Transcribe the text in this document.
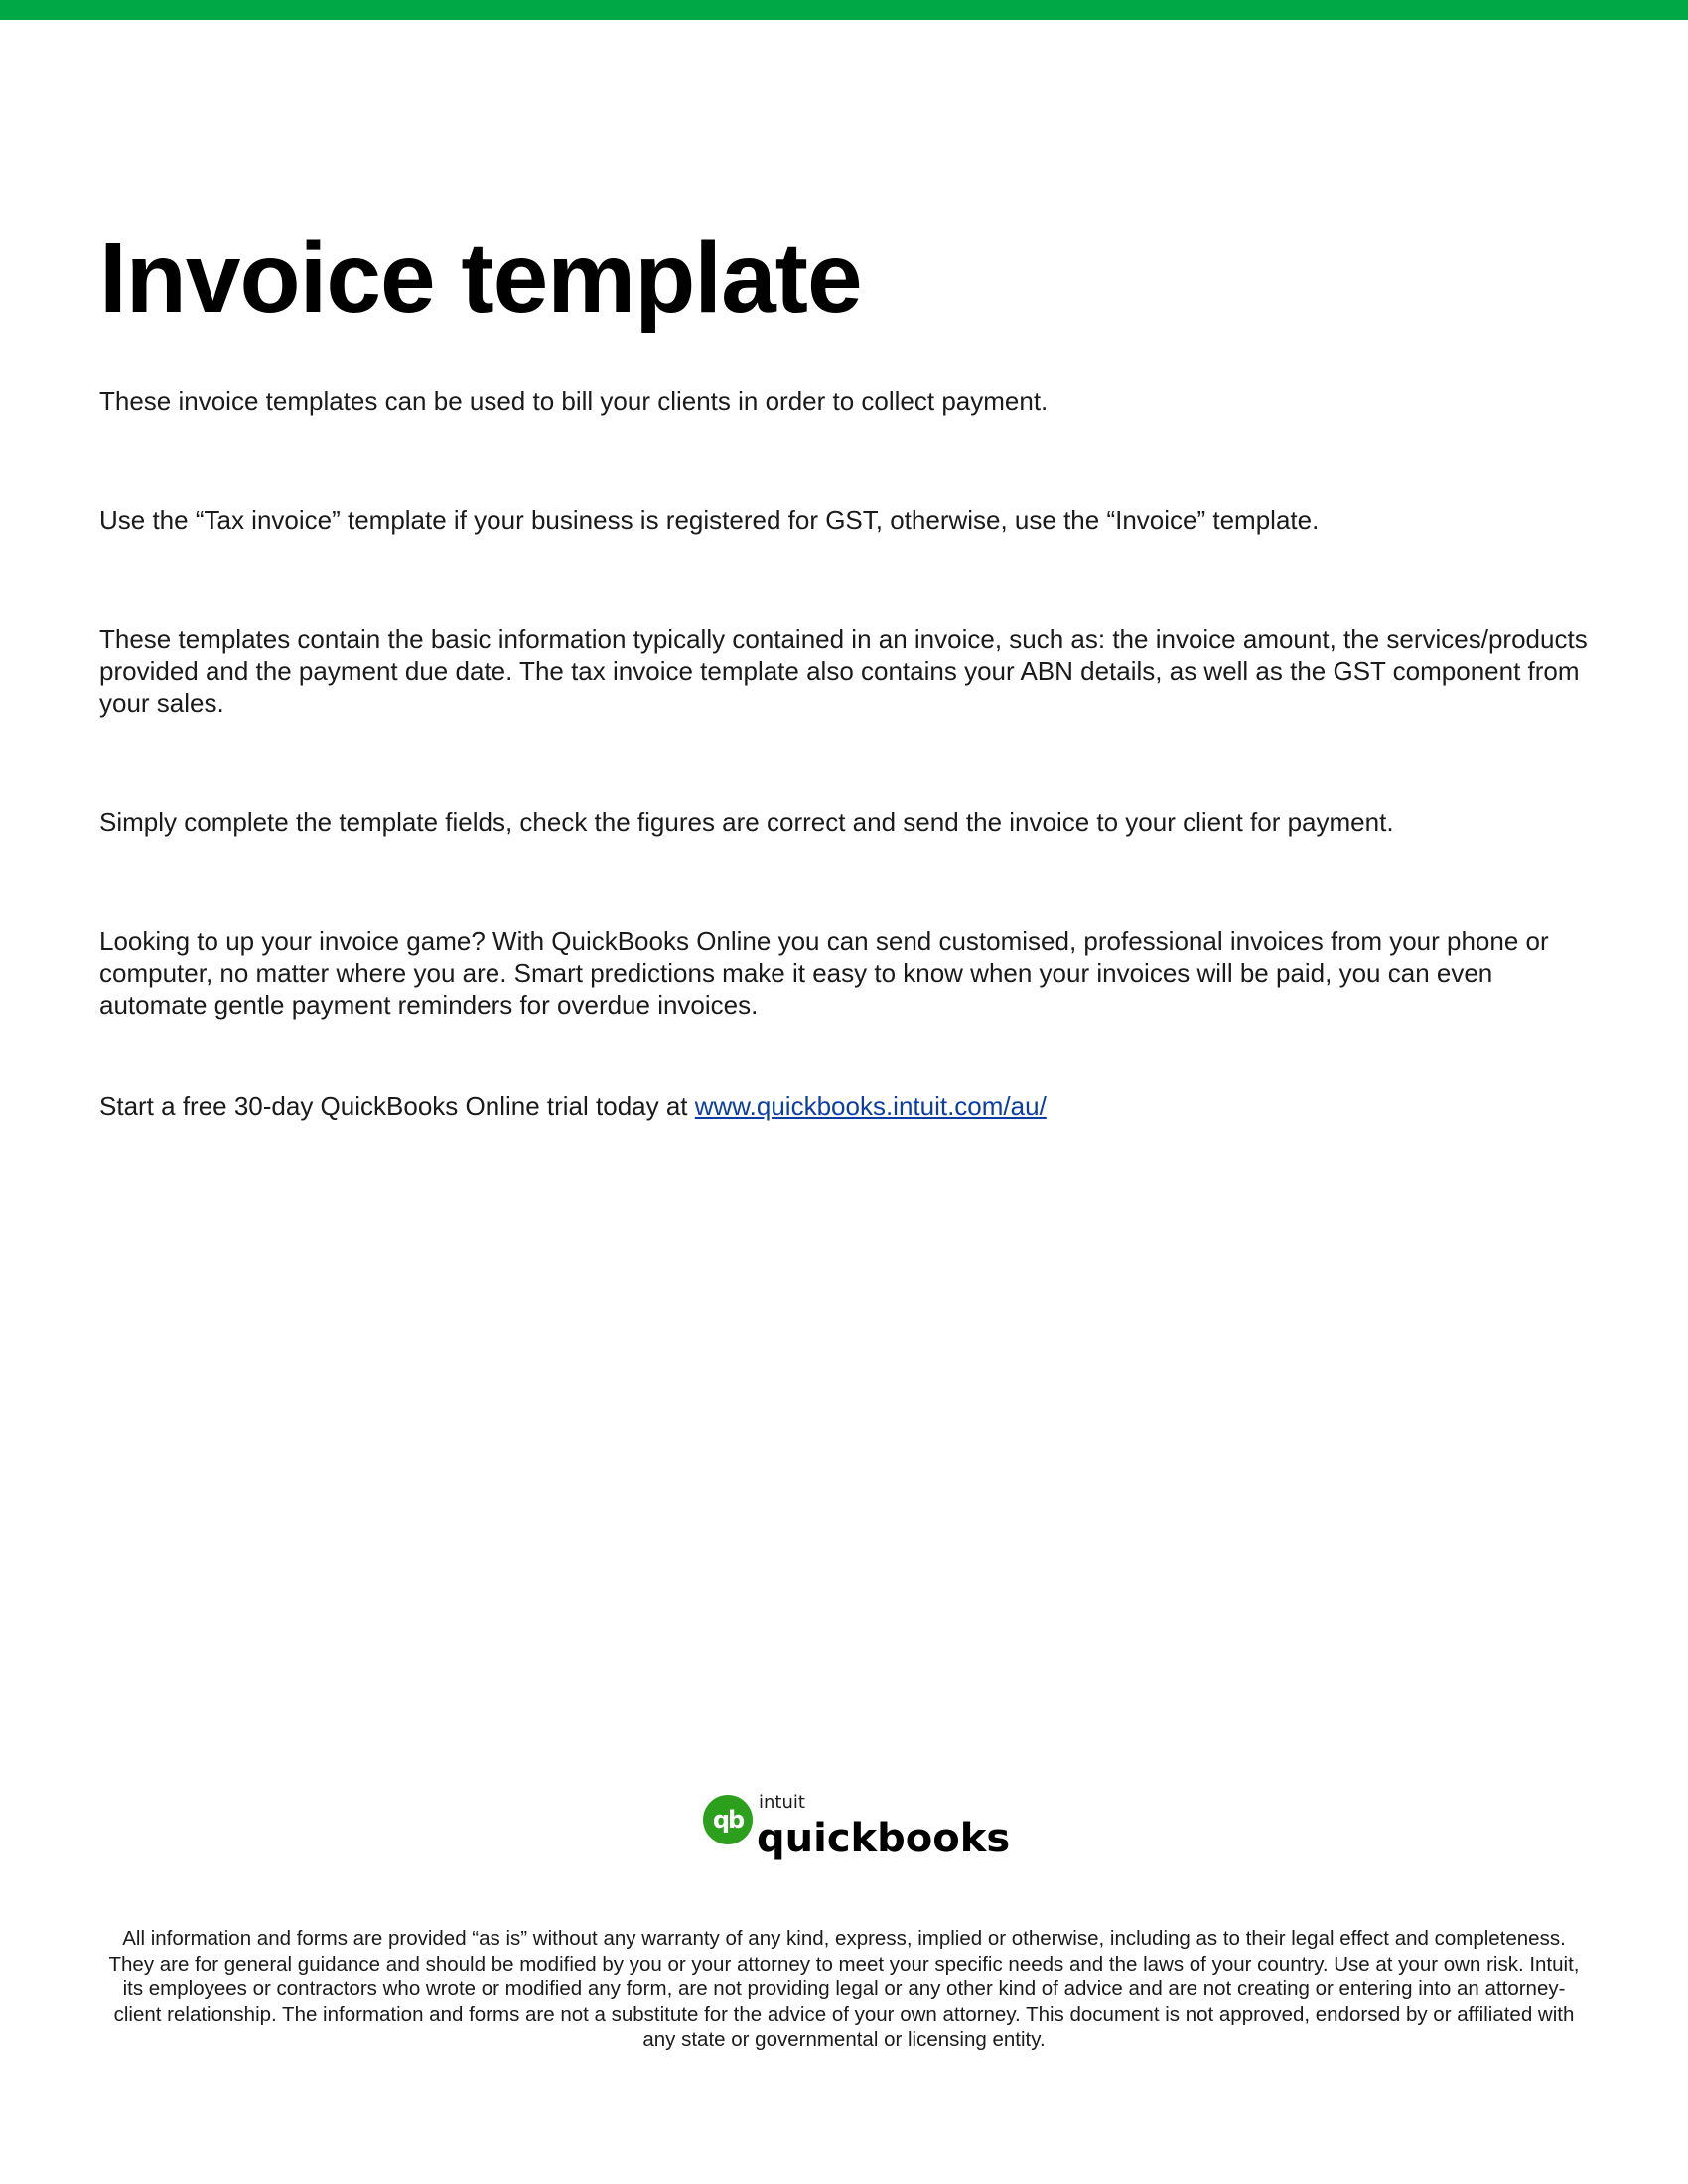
Invoice template

These invoice templates can be used to bill your clients in order to collect payment.

Use the “Tax invoice” template if your business is registered for GST, otherwise, use the “Invoice” template.

These templates contain the basic information typically contained in an invoice, such as: the invoice amount, the services/products provided and the payment due date. The tax invoice template also contains your ABN details, as well as the GST component from your sales.

Simply complete the template fields, check the figures are correct and send the invoice to your client for payment.

Looking to up your invoice game? With QuickBooks Online you can send customised, professional invoices from your phone or computer, no matter where you are. Smart predictions make it easy to know when your invoices will be paid, you can even automate gentle payment reminders for overdue invoices.

Start a free 30-day QuickBooks Online trial today at www.quickbooks.intuit.com/au/

qb
intuit
quickbooks

All information and forms are provided “as is” without any warranty of any kind, express, implied or otherwise, including as to their legal effect and completeness. They are for general guidance and should be modified by you or your attorney to meet your specific needs and the laws of your country. Use at your own risk. Intuit, its employees or contractors who wrote or modified any form, are not providing legal or any other kind of advice and are not creating or entering into an attorney-client relationship. The information and forms are not a substitute for the advice of your own attorney. This document is not approved, endorsed by or affiliated with any state or governmental or licensing entity.
